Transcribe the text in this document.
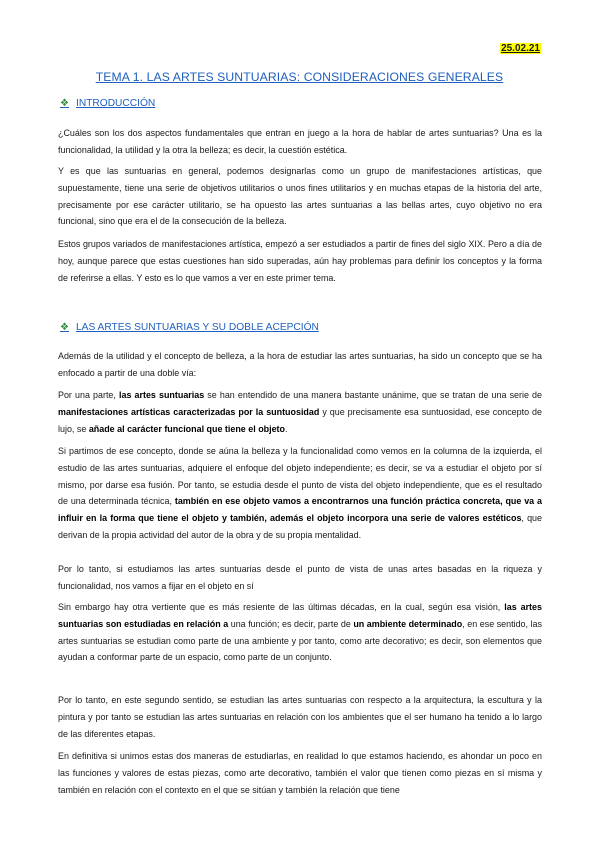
25.02.21
TEMA 1. LAS ARTES SUNTUARIAS: CONSIDERACIONES GENERALES
❖ INTRODUCCIÓN

¿Cuáles son los dos aspectos fundamentales que entran en juego a la hora de hablar de artes suntuarias? Una es la funcionalidad, la utilidad y la otra la belleza; es decir, la cuestión estética.

Y es que las suntuarias en general, podemos designarlas como un grupo de manifestaciones artísticas, que supuestamente, tiene una serie de objetivos utilitarios o unos fines utilitarios y en muchas etapas de la historia del arte, precisamente por ese carácter utilitario, se ha opuesto las artes suntuarias a las bellas artes, cuyo objetivo no era funcional, sino que era el de la consecución de la belleza.

Estos grupos variados de manifestaciones artística, empezó a ser estudiados a partir de fines del siglo XIX. Pero a día de hoy, aunque parece que estas cuestiones han sido superadas, aún hay problemas para definir los conceptos y la forma de referirse a ellas. Y esto es lo que vamos a ver en este primer tema.

❖ LAS ARTES SUNTUARIAS Y SU DOBLE ACEPCIÓN

Además de la utilidad y el concepto de belleza, a la hora de estudiar las artes suntuarias, ha sido un concepto que se ha enfocado a partir de una doble vía:

Por una parte, las artes suntuarias se han entendido de una manera bastante unánime, que se tratan de una serie de manifestaciones artísticas caracterizadas por la suntuosidad y que precisamente esa suntuosidad, ese concepto de lujo, se añade al carácter funcional que tiene el objeto.

Si partimos de ese concepto, donde se aúna la belleza y la funcionalidad como vemos en la columna de la izquierda, el estudio de las artes suntuarias, adquiere el enfoque del objeto independiente; es decir, se va a estudiar el objeto por sí mismo, por darse esa fusión. Por tanto, se estudia desde el punto de vista del objeto independiente, que es el resultado de una determinada técnica, también en ese objeto vamos a encontrarnos una función práctica concreta, que va a influir en la forma que tiene el objeto y también, además el objeto incorpora una serie de valores estéticos, que derivan de la propia actividad del autor de la obra y de su propia mentalidad.

Por lo tanto, si estudiamos las artes suntuarias desde el punto de vista de unas artes basadas en la riqueza y funcionalidad, nos vamos a fijar en el objeto en sí

Sin embargo hay otra vertiente que es más resiente de las últimas décadas, en la cual, según esa visión, las artes suntuarias son estudiadas en relación a una función; es decir, parte de un ambiente determinado, en ese sentido, las artes suntuarias se estudian como parte de una ambiente y por tanto, como arte decorativo; es decir, son elementos que ayudan a conformar parte de un espacio, como parte de un conjunto.

Por lo tanto, en este segundo sentido, se estudian las artes suntuarias con respecto a la arquitectura, la escultura y la pintura y por tanto se estudian las artes suntuarias en relación con los ambientes que el ser humano ha tenido a lo largo de las diferentes etapas.

En definitiva si unimos estas dos maneras de estudiarlas, en realidad lo que estamos haciendo, es ahondar un poco en las funciones y valores de estas piezas, como arte decorativo, también el valor que tienen como piezas en sí misma y también en relación con el contexto en el que se sitúan y también la relación que tiene
